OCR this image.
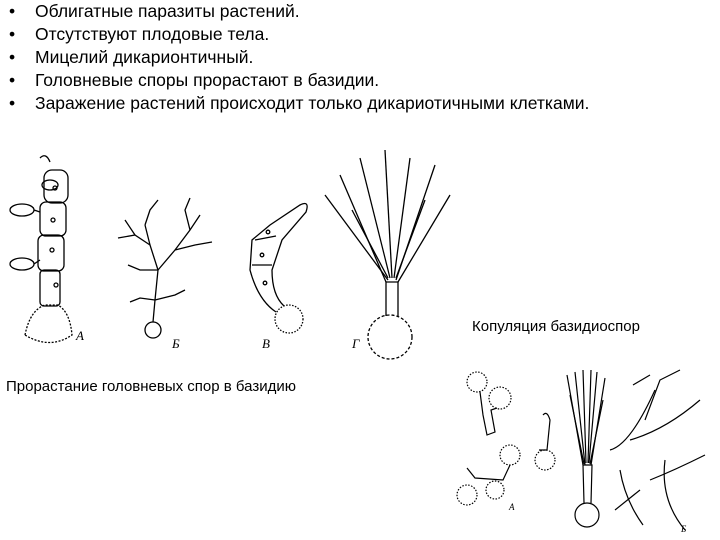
• Облигатные паразиты растений.
• Отсутствуют плодовые тела.
• Мицелий дикарионтичный.
• Головневые споры прорастают в базидии.
• Заражение растений происходит только дикариотичными клетками.
А
Б	В	Г
Копуляция базидиоспор
Прорастание головневых спор в базидию
А
Б
